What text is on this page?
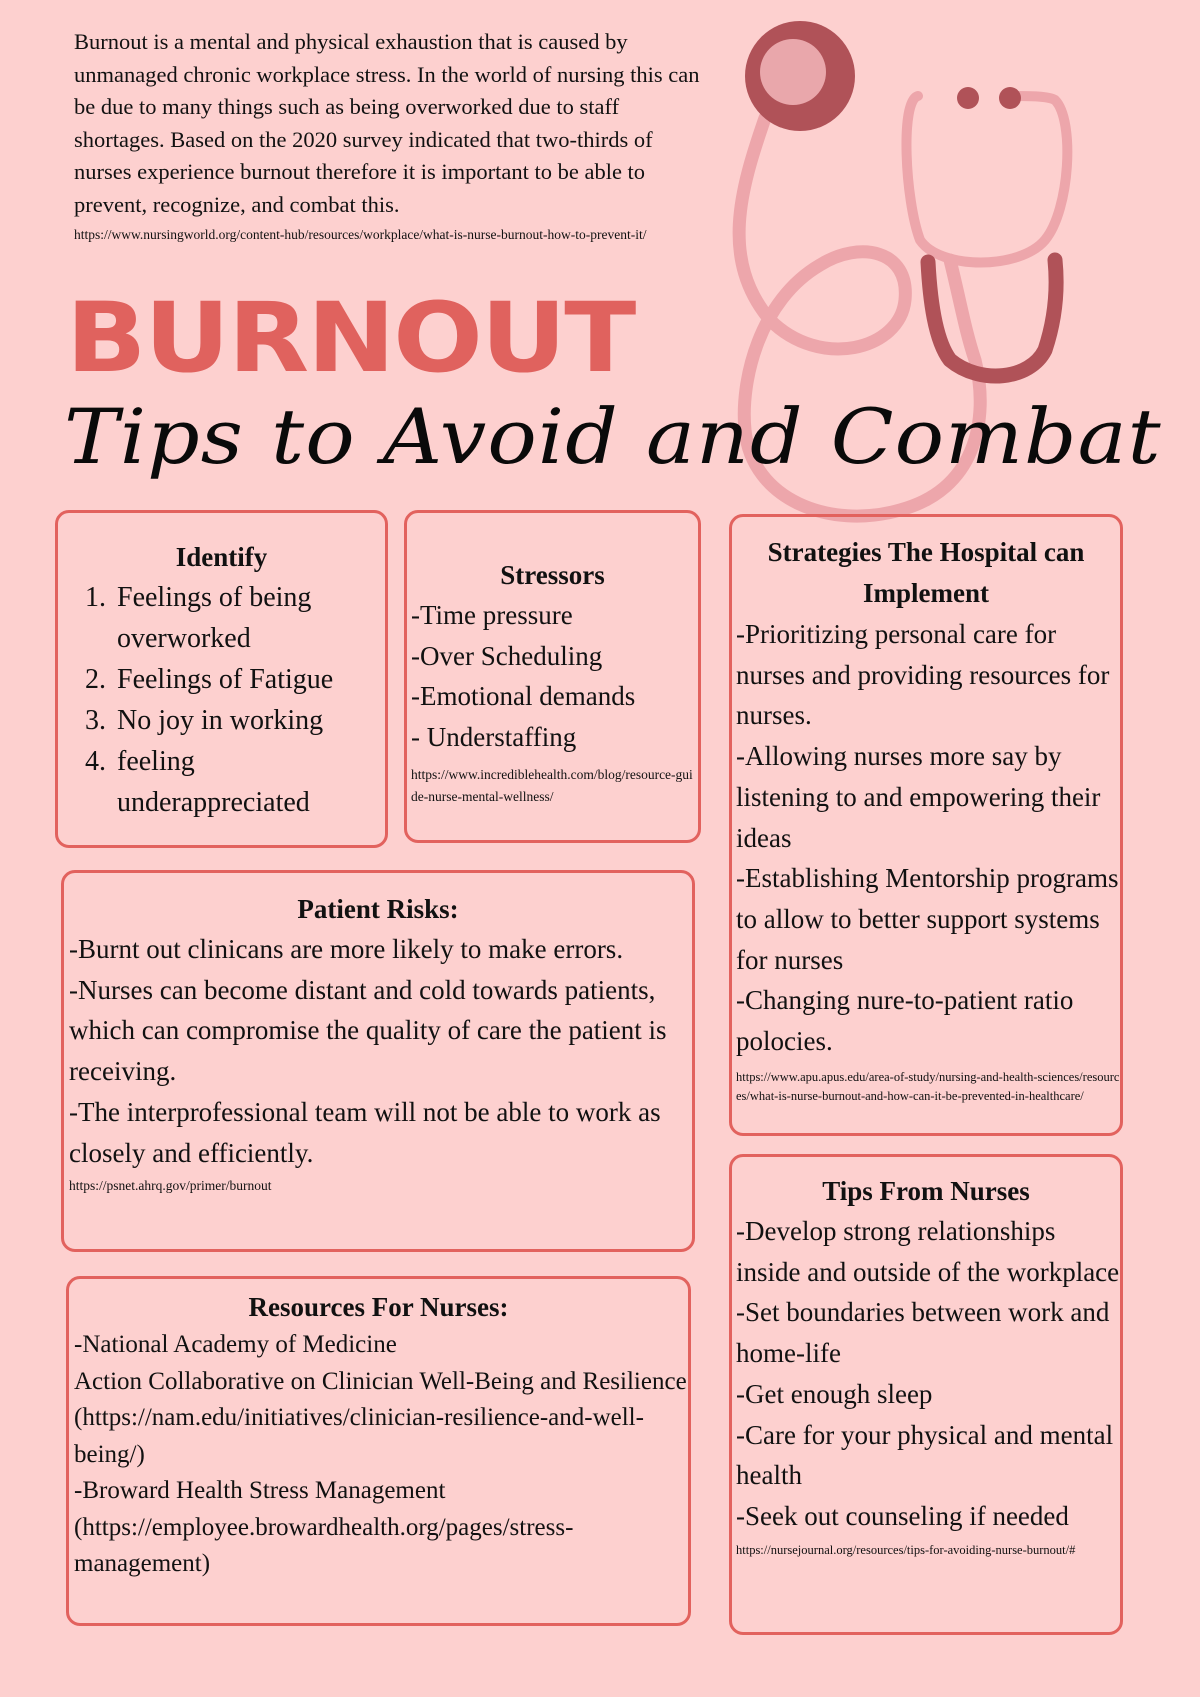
Burnout is a mental and physical exhaustion that is caused by unmanaged chronic workplace stress. In the world of nursing this can be due to many things such as being overworked due to staff shortages. Based on the 2020 survey indicated that two-thirds of nurses experience burnout therefore it is important to be able to prevent, recognize, and combat this.

https://www.nursingworld.org/content-hub/resources/workplace/what-is-nurse-burnout-how-to-prevent-it/

BURNOUT
Tips to Avoid and Combat
Identify
1. Feelings of being overworked
2. Feelings of Fatigue
3. No joy in working
4. feeling underappreciated
Stressors

-Time pressure

-Over Scheduling

-Emotional demands

- Understaffing

https://www.incrediblehealth.com/blog/resource-guide-nurse-mental-wellness/

Strategies The Hospital can Implement

-Prioritizing personal care for nurses and providing resources for nurses.

-Allowing nurses more say by listening to and empowering their ideas

-Establishing Mentorship programs to allow to better support systems for nurses

-Changing nure-to-patient ratio polocies.

https://www.apu.apus.edu/area-of-study/nursing-and-health-sciences/resources/what-is-nurse-burnout-and-how-can-it-be-prevented-in-healthcare/

Patient Risks:

-Burnt out clinicans are more likely to make errors.

-Nurses can become distant and cold towards patients, which can compromise the quality of care the patient is receiving.

-The interprofessional team will not be able to work as closely and efficiently.

https://psnet.ahrq.gov/primer/burnout

Resources For Nurses:

-National Academy of Medicine

Action Collaborative on Clinician Well-Being and Resilience (https://nam.edu/initiatives/clinician-resilience-and-well-being/)

-Broward Health Stress Management (https://employee.browardhealth.org/pages/stress-management)

Tips From Nurses

-Develop strong relationships inside and outside of the workplace

-Set boundaries between work and home-life

-Get enough sleep

-Care for your physical and mental health

-Seek out counseling if needed

https://nursejournal.org/resources/tips-for-avoiding-nurse-burnout/#
